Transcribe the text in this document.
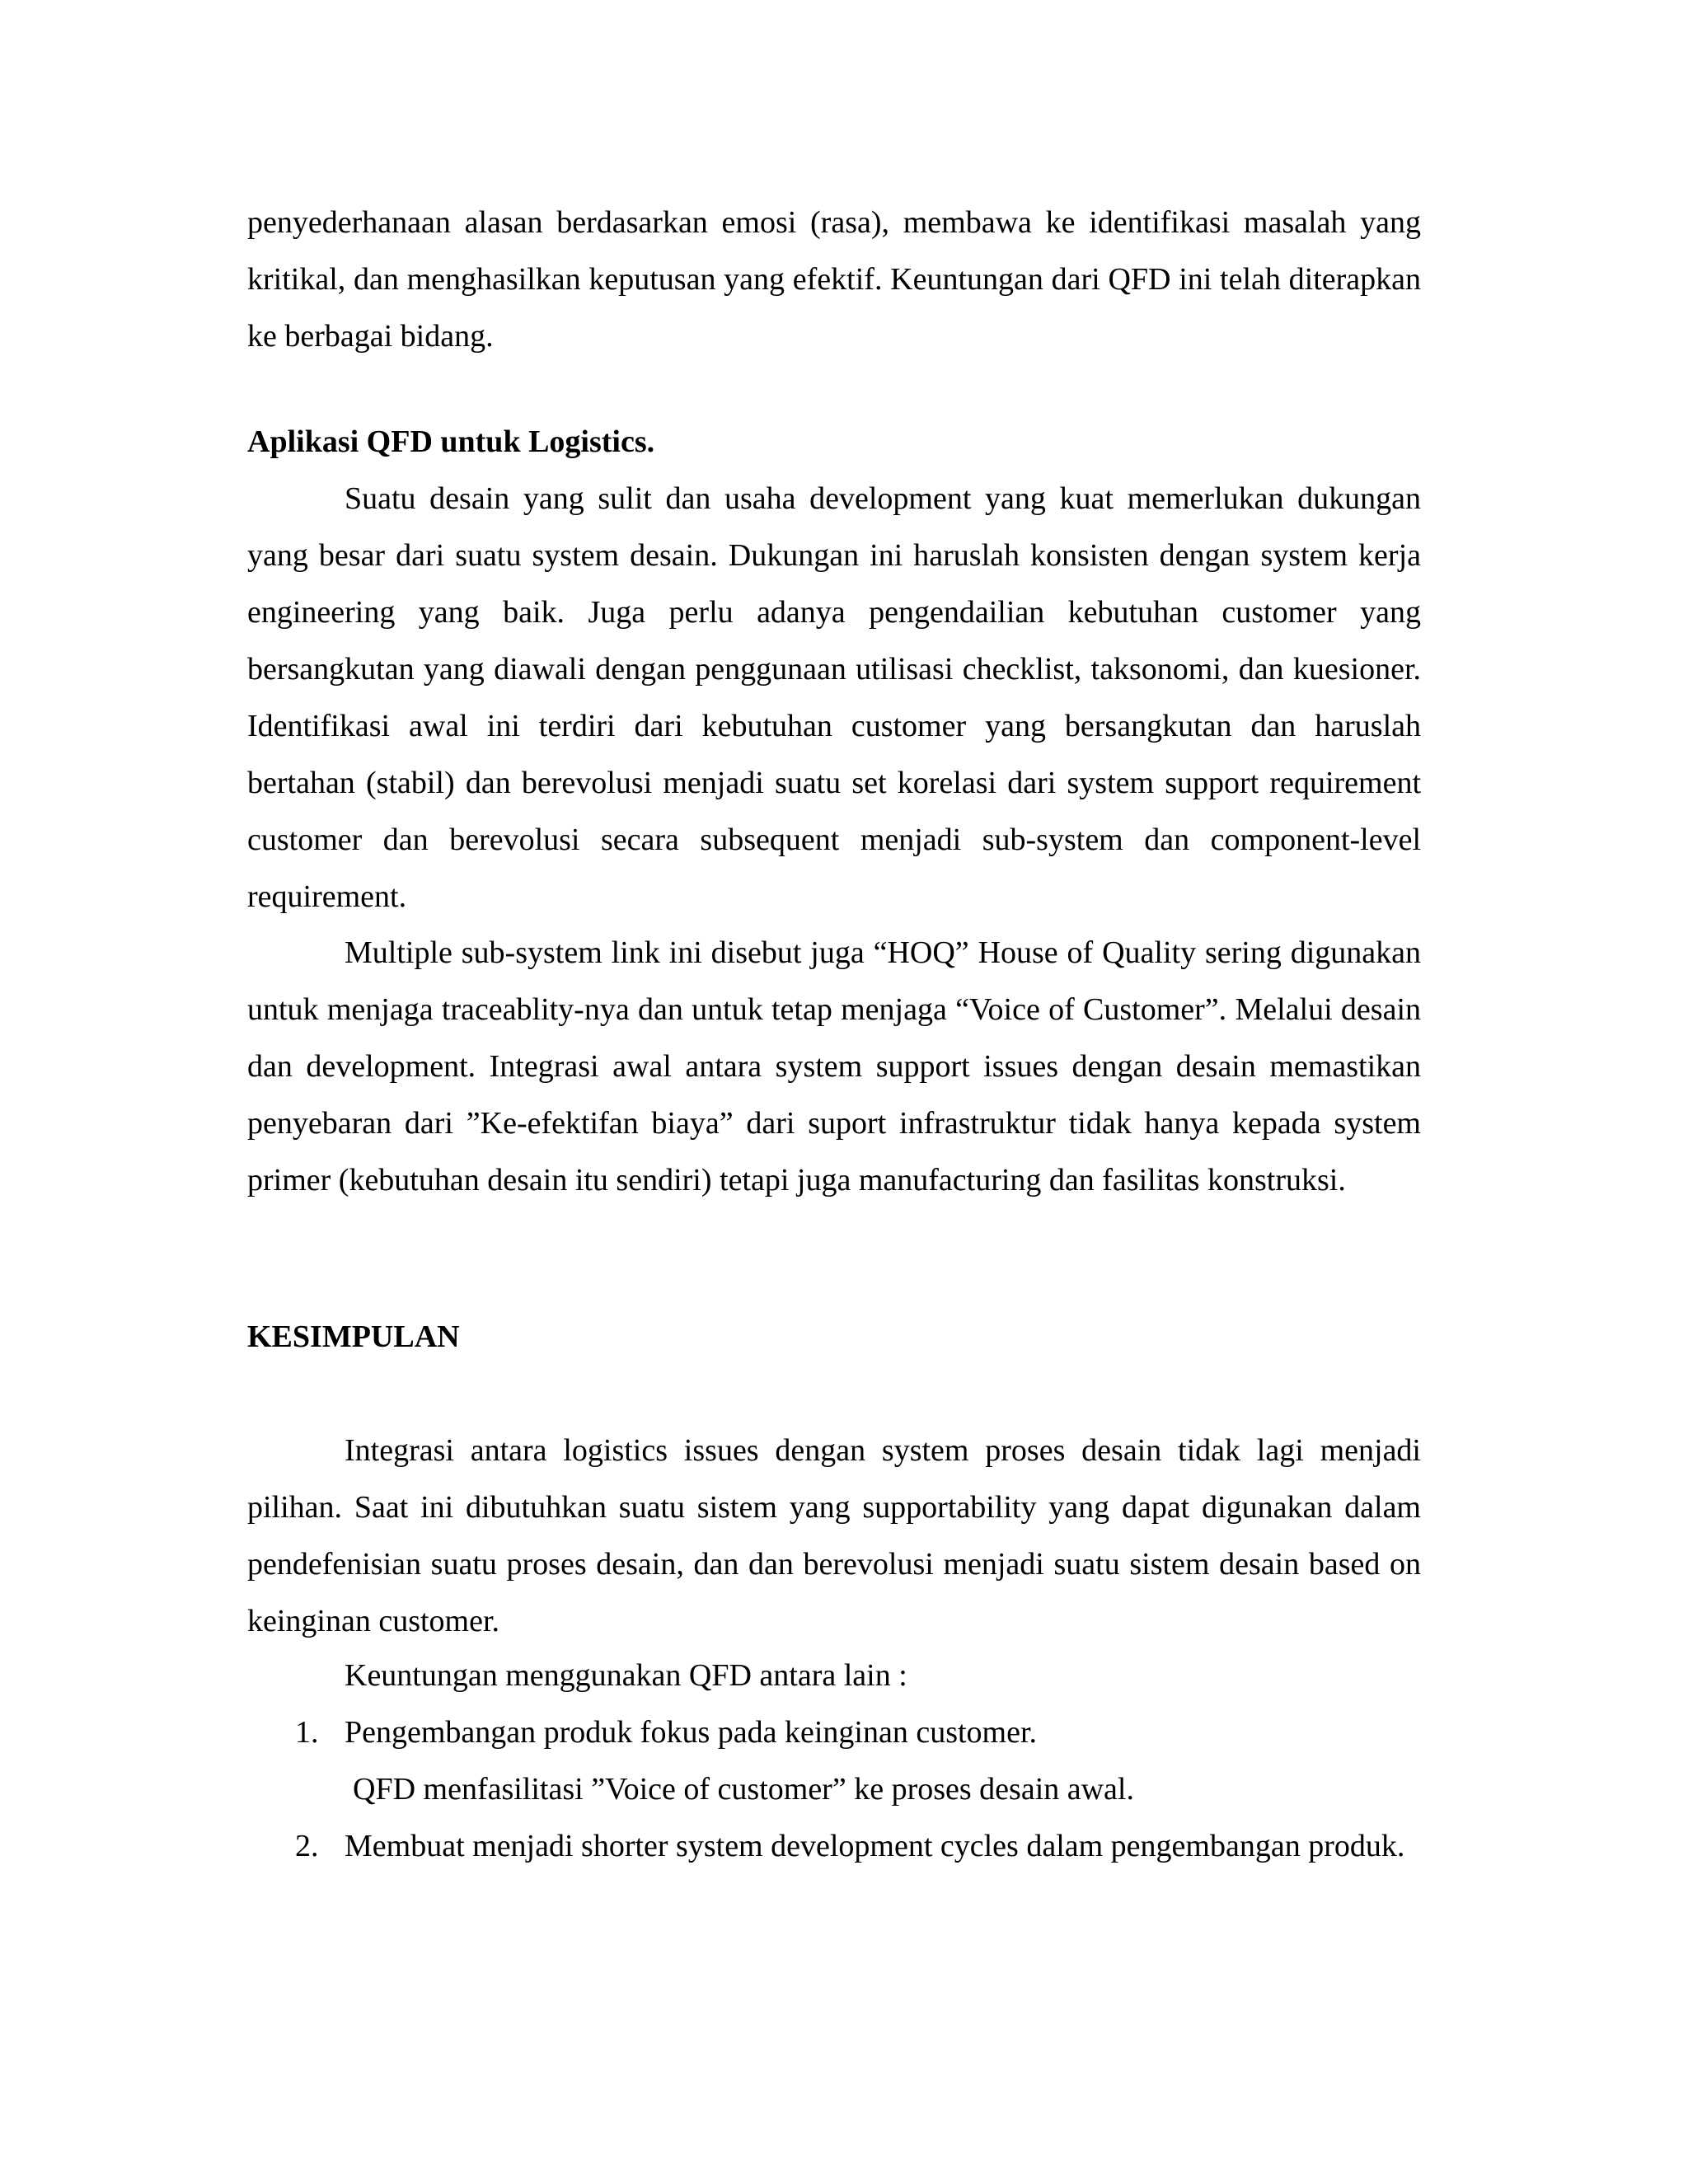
penyederhanaan alasan berdasarkan emosi (rasa), membawa ke identifikasi masalah yang kritikal, dan menghasilkan keputusan yang efektif. Keuntungan dari QFD ini telah diterapkan ke berbagai bidang.

Aplikasi QFD untuk Logistics.

Suatu desain yang sulit dan usaha development yang kuat memerlukan dukungan yang besar dari suatu system desain. Dukungan ini haruslah konsisten dengan system kerja engineering yang baik. Juga perlu adanya pengendailian kebutuhan customer yang bersangkutan yang diawali dengan penggunaan utilisasi checklist, taksonomi, dan kuesioner. Identifikasi awal ini terdiri dari kebutuhan customer yang bersangkutan dan haruslah bertahan (stabil) dan berevolusi menjadi suatu set korelasi dari system support requirement customer dan berevolusi secara subsequent menjadi sub-system dan component-level requirement.

Multiple sub-system link ini disebut juga “HOQ” House of Quality sering digunakan untuk menjaga traceablity-nya dan untuk tetap menjaga “Voice of Customer”. Melalui desain dan development. Integrasi awal antara system support issues dengan desain memastikan penyebaran dari ”Ke-efektifan biaya” dari suport infrastruktur tidak hanya kepada system primer (kebutuhan desain itu sendiri) tetapi juga manufacturing dan fasilitas konstruksi.

KESIMPULAN

Integrasi antara logistics issues dengan system proses desain tidak lagi menjadi pilihan. Saat ini dibutuhkan suatu sistem yang supportability yang dapat digunakan dalam pendefenisian suatu proses desain, dan dan berevolusi menjadi suatu sistem desain based on keinginan customer.

Keuntungan menggunakan QFD antara lain :

1. Pengembangan produk fokus pada keinginan customer.
QFD menfasilitasi ”Voice of customer” ke proses desain awal.
2. Membuat menjadi shorter system development cycles dalam pengembangan produk.
